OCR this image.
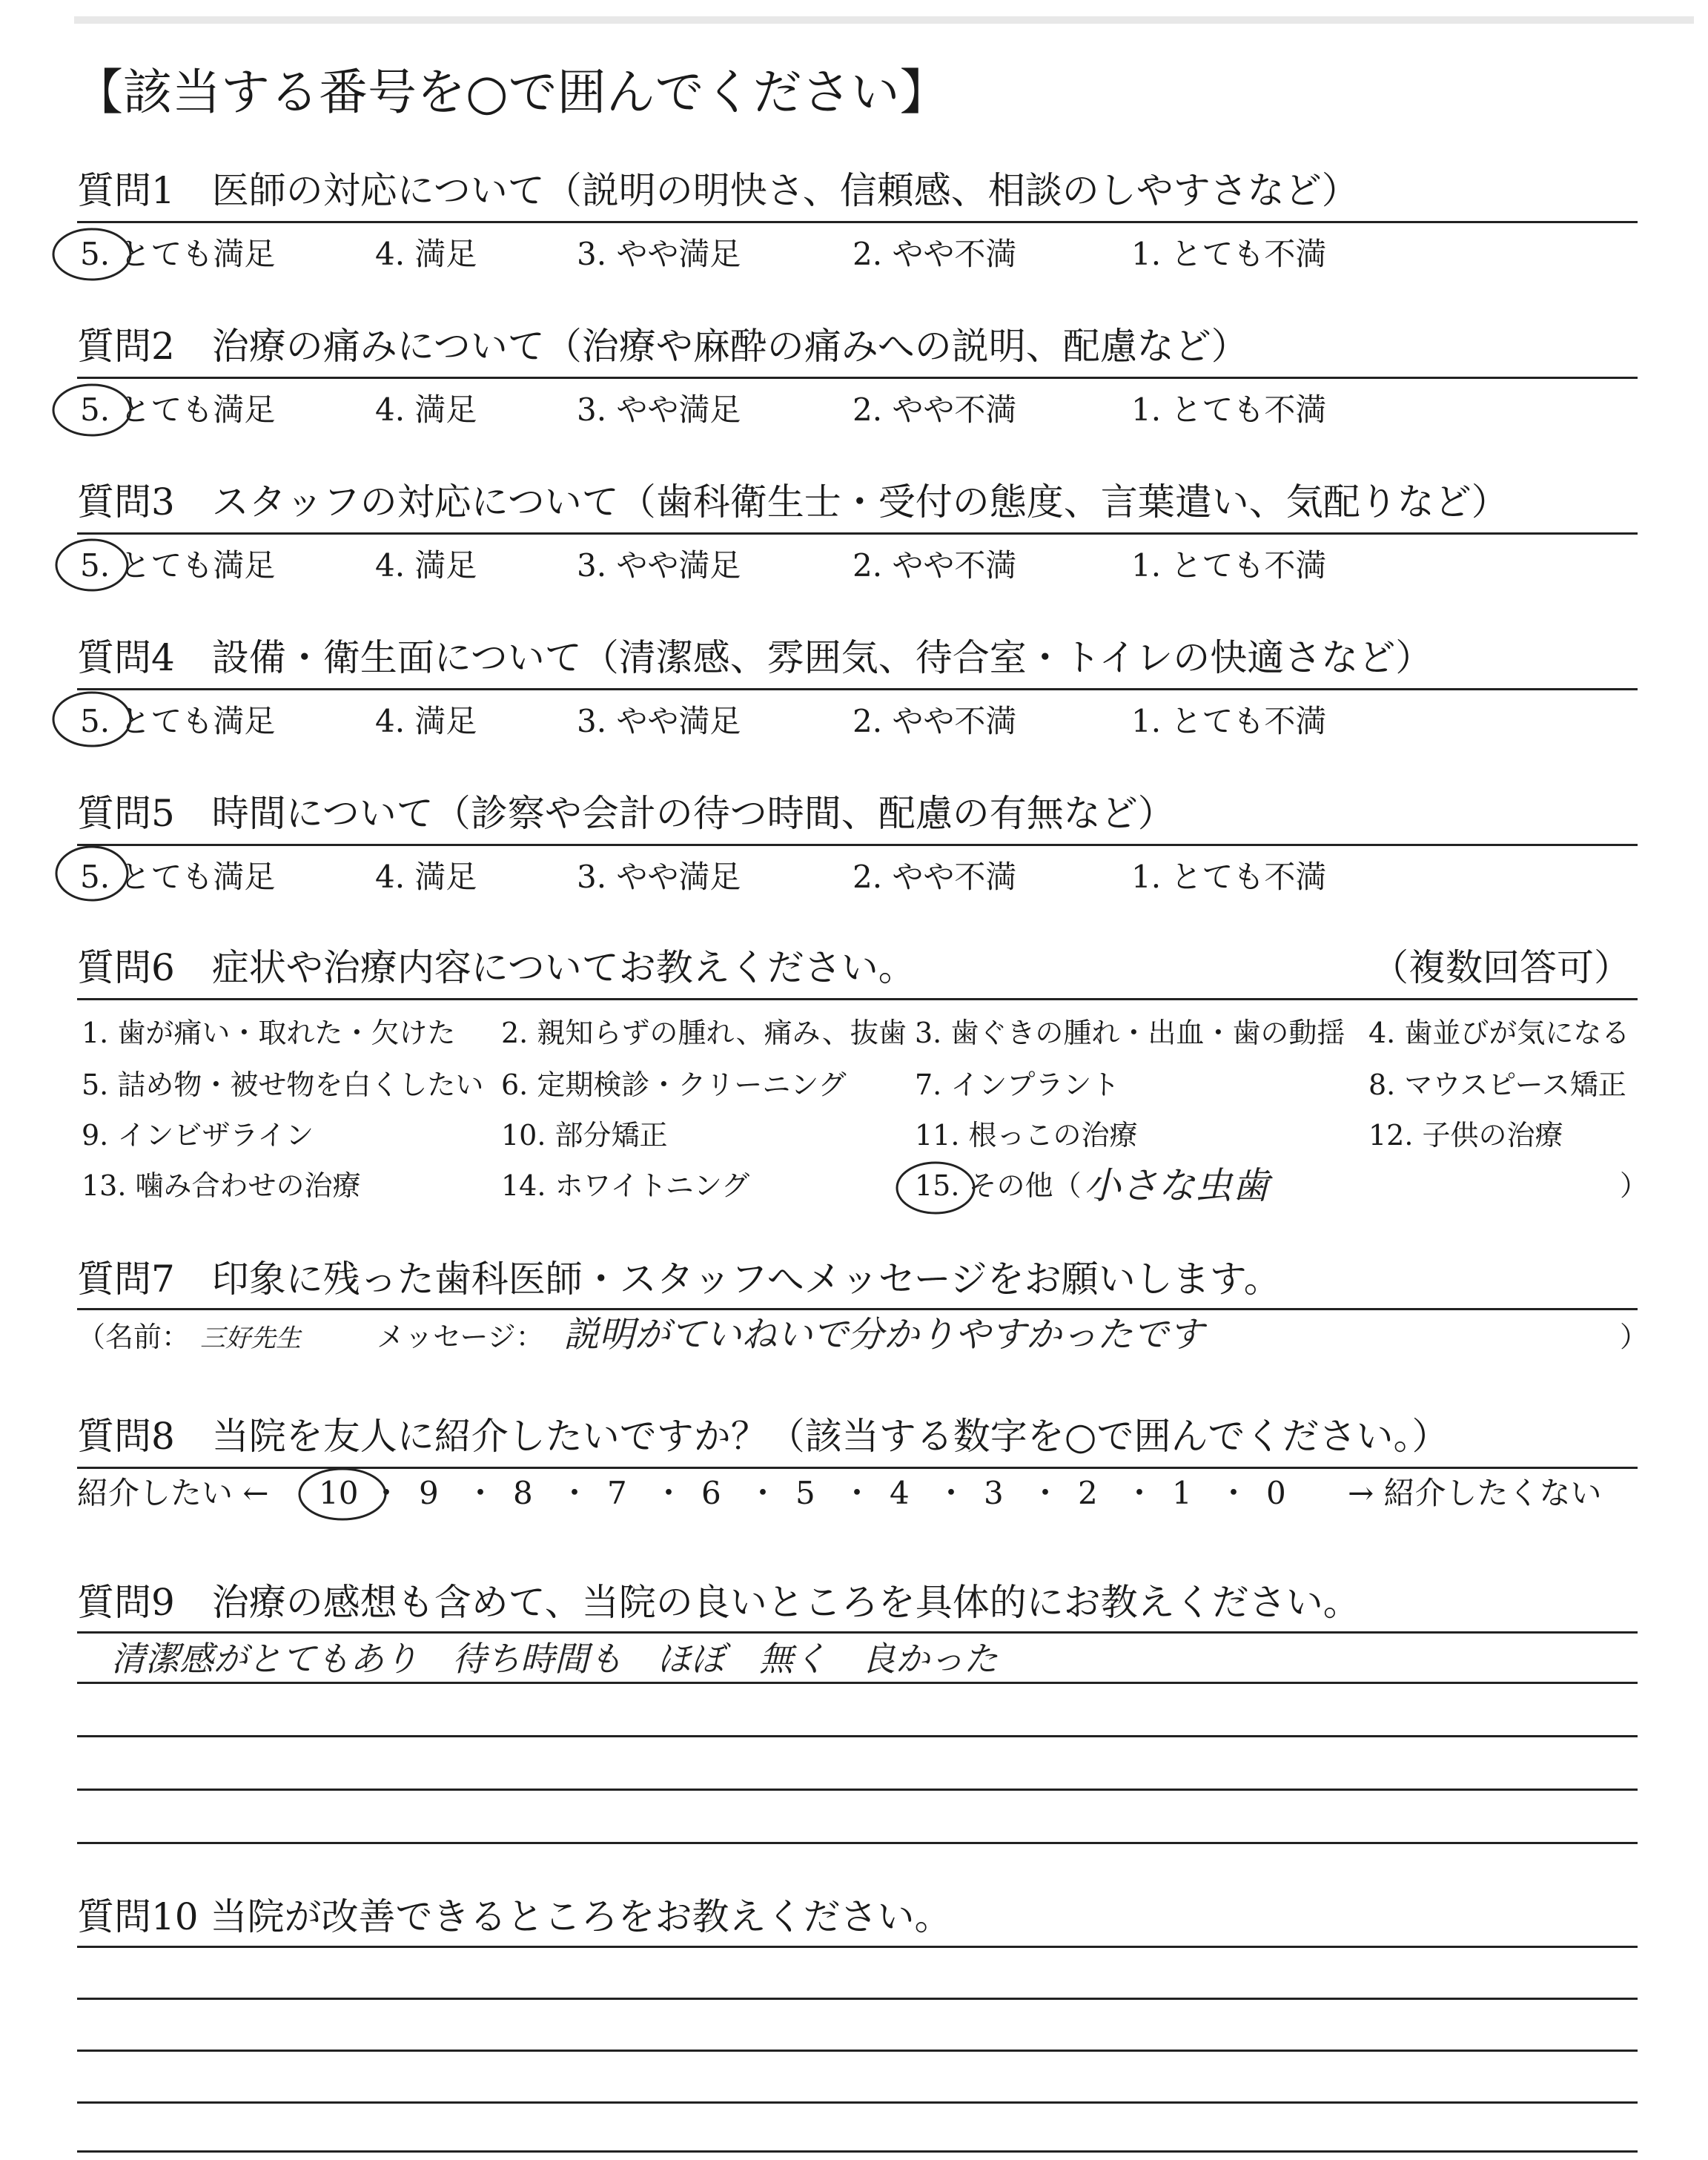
【該当する番号を○で囲んでください】
質問1　医師の対応について（説明の明快さ、信頼感、相談のしやすさなど）
5. とても満足	4. 満足	3. やや満足	2. やや不満	1. とても不満
質問2　治療の痛みについて（治療や麻酔の痛みへの説明、配慮など）
5. とても満足	4. 満足	3. やや満足	2. やや不満	1. とても不満
質問3　スタッフの対応について（歯科衛生士・受付の態度、言葉遣い、気配りなど）
5. とても満足	4. 満足	3. やや満足	2. やや不満	1. とても不満
質問4　設備・衛生面について（清潔感、雰囲気、待合室・トイレの快適さなど）
5. とても満足	4. 満足	3. やや満足	2. やや不満	1. とても不満
質問5　時間について（診察や会計の待つ時間、配慮の有無など）
5. とても満足	4. 満足	3. やや満足	2. やや不満	1. とても不満
質問6　症状や治療内容についてお教えください。	（複数回答可）
1. 歯が痛い・取れた・欠けた 2. 親知らずの腫れ、痛み、抜歯 3. 歯ぐきの腫れ・出血・歯の動揺 4. 歯並びが気になる
5. 詰め物・被せ物を白くしたい 6. 定期検診・クリーニング 7. インプラント	8. マウスピース矯正
9. インビザライン	10. 部分矯正	11. 根っこの治療	12. 子供の治療
13. 噛み合わせの治療	14. ホワイトニング	15. その他（ 小さな虫歯	）
質問7　印象に残った歯科医師・スタッフへメッセージをお願いします。
（名前： 三好先生	メッセージ： 説明がていねいで分かりやすかったです	）
質問8　当院を友人に紹介したいですか？（該当する数字を○で囲んでください。）
紹介したい ←	→ 紹介したくない
10 ・ 9 ・ 8 ・ 7 ・ 6 ・ 5 ・ 4 ・ 3 ・ 2 ・ 1 ・ 0
質問9　治療の感想も含めて、当院の良いところを具体的にお教えください。
清潔感がとてもあり　待ち時間も　ほぼ　無く　良かった
質問10 当院が改善できるところをお教えください。
